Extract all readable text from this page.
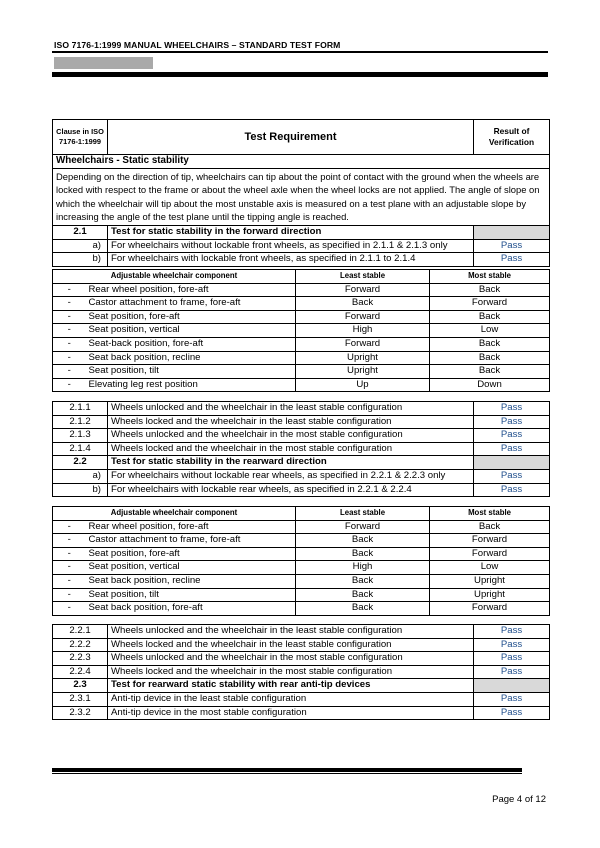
ISO 7176-1:1999 MANUAL WHEELCHAIRS – STANDARD TEST FORM
Clause in ISO 7176-1:1999	Test Requirement	Result of Verification
Wheelchairs - Static stability		
Depending on the direction of tip, wheelchairs can tip about the point of contact with the ground when the wheels are locked with respect to the frame or about the wheel axle when the wheel locks are not applied. The angle of slope on which the wheelchair will tip about the most unstable axis is measured on a test plane with an adjustable slope by increasing the angle of the test plane until the tipping angle is reached.		
2.1	Test for static stability in the forward direction	
a)	For wheelchairs without lockable front wheels, as specified in 2.1.1 & 2.1.3 only	Pass
b)	For wheelchairs with lockable front wheels, as specified in 2.1.1 to 2.1.4	Pass
Adjustable wheelchair component		Least stable	Most stable
-	Rear wheel position, fore-aft	Forward	Back
-	Castor attachment to frame, fore-aft	Back	Forward
-	Seat position, fore-aft	Forward	Back
-	Seat position, vertical	High	Low
-	Seat-back position, fore-aft	Forward	Back
-	Seat back position, recline	Upright	Back
-	Seat position, tilt	Upright	Back
-	Elevating leg rest position	Up	Down
2.1.1	Wheels unlocked and the wheelchair in the least stable configuration	Pass
2.1.2	Wheels locked and the wheelchair in the least stable configuration	Pass
2.1.3	Wheels unlocked and the wheelchair in the most stable configuration	Pass
2.1.4	Wheels locked and the wheelchair in the most stable configuration	Pass
2.2	Test for static stability in the rearward direction	
a)	For wheelchairs without lockable rear wheels, as specified in 2.2.1 & 2.2.3 only	Pass
b)	For wheelchairs with lockable rear wheels, as specified in 2.2.1 & 2.2.4	Pass
Adjustable wheelchair component		Least stable	Most stable
-	Rear wheel position, fore-aft	Forward	Back
-	Castor attachment to frame, fore-aft	Back	Forward
-	Seat position, fore-aft	Back	Forward
-	Seat position, vertical	High	Low
-	Seat back position, recline	Back	Upright
-	Seat position, tilt	Back	Upright
-	Seat back position, fore-aft	Back	Forward
2.2.1	Wheels unlocked and the wheelchair in the least stable configuration	Pass
2.2.2	Wheels locked and the wheelchair in the least stable configuration	Pass
2.2.3	Wheels unlocked and the wheelchair in the most stable configuration	Pass
2.2.4	Wheels locked and the wheelchair in the most stable configuration	Pass
2.3	Test for rearward static stability with rear anti-tip devices	
2.3.1	Anti-tip device in the least stable configuration	Pass
2.3.2	Anti-tip device in the most stable configuration	Pass
Page 4 of 12
